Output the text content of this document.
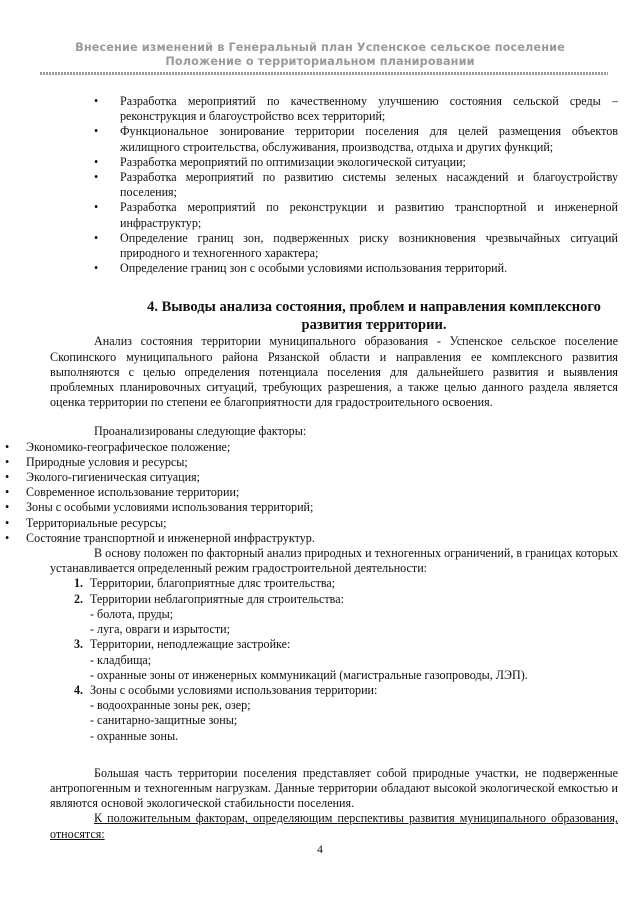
Внесение изменений в Генеральный план Успенское сельское поселение
Положение о территориальном планировании
• Разработка мероприятий по качественному улучшению состояния сельской среды – реконструкция и благоустройство всех территорий;
• Функциональное зонирование территории поселения для целей размещения объектов жилищного строительства, обслуживания, производства, отдыха и других функций;
• Разработка мероприятий по оптимизации экологической ситуации;
• Разработка мероприятий по развитию системы зеленых насаждений и благоустройству поселения;
• Разработка мероприятий по реконструкции и развитию транспортной и инженерной инфраструктур;
• Определение границ зон, подверженных риску возникновения чрезвычайных ситуаций природного и техногенного характера;
• Определение границ зон с особыми условиями использования территорий.
4. Выводы анализа состояния, проблем и направления комплексного
развития территории.

Анализ состояния территории муниципального образования - Успенское сельское поселение Скопинского муниципального района Рязанской области и направления ее комплексного развития выполняются с целью определения потенциала поселения для дальнейшего развития и выявления проблемных планировочных ситуаций, требующих разрешения, а также целью данного раздела является оценка территории по степени ее благоприятности для градостроительного освоения.

Проанализированы следующие факторы:

• Экономико-географическое положение;
• Природные условия и ресурсы;
• Эколого-гигиеническая ситуация;
• Современное использование территории;
• Зоны с особыми условиями использования территорий;
• Территориальные ресурсы;
• Состояние транспортной и инженерной инфраструктур.

В основу положен по факторный анализ природных и техногенных ограничений, в границах которых устанавливается определенный режим градостроительной деятельности:

1. Территории, благоприятные дляс троительства;
2. Территории неблагоприятные для строительства:
- болота, пруды;
- луга, овраги и изрытости;
3. Территории, неподлежащие застройке:
- кладбища;
- охранные зоны от инженерных коммуникаций (магистральные газопроводы, ЛЭП).
4. Зоны с особыми условиями использования территории:
- водоохранные зоны рек, озер;
- санитарно-защитные зоны;
- охранные зоны.

Большая часть территории поселения представляет собой природные участки, не подверженные антропогенным и техногенным нагрузкам. Данные территории обладают высокой экологической емкостью и являются основой экологической стабильности поселения.

К положительным факторам, определяющим перспективы развития муниципального образования, относятся:

4
